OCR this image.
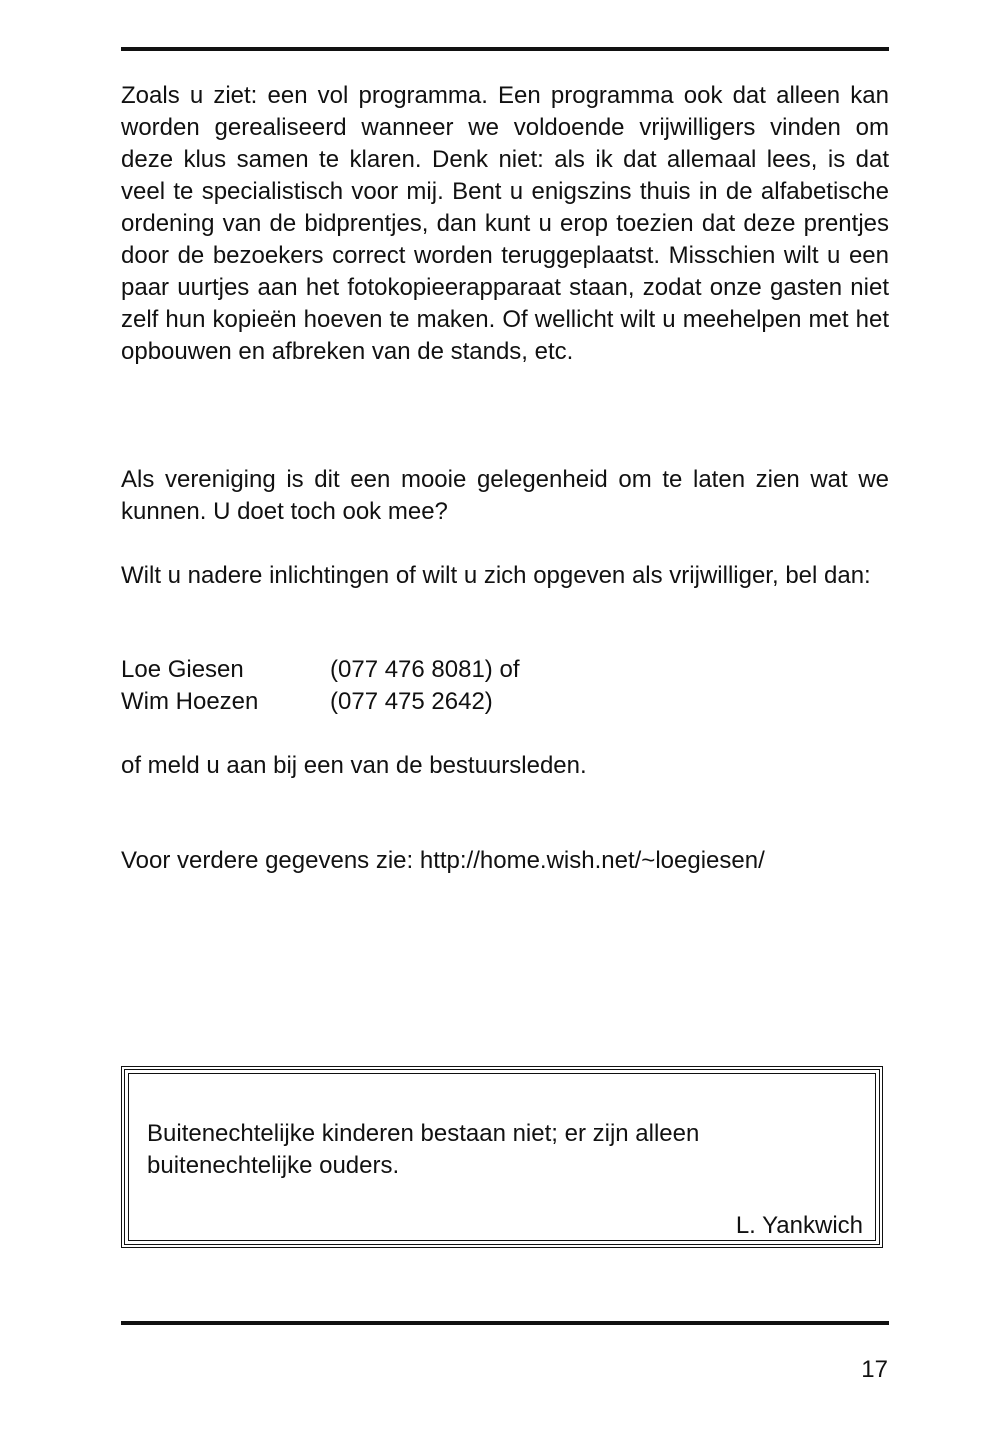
Zoals u ziet: een vol programma. Een programma ook dat alleen kan worden gerealiseerd wanneer we voldoende vrijwilligers vinden om deze klus samen te klaren. Denk niet: als ik dat allemaal lees, is dat veel te specialistisch voor mij. Bent u enigszins thuis in de alfabetische ordening van de bidprentjes, dan kunt u erop toezien dat deze prentjes door de bezoekers correct worden teruggeplaatst. Misschien wilt u een paar uurtjes aan het fotokopieerapparaat staan, zodat onze gasten niet zelf hun kopieën hoeven te maken. Of wellicht wilt u meehelpen met het opbouwen en afbreken van de stands, etc.

Als vereniging is dit een mooie gelegenheid om te laten zien wat we kunnen. U doet toch ook mee?

Wilt u nadere inlichtingen of wilt u zich opgeven als vrijwilliger, bel dan:

Loe Giesen	(077 476 8081) of
Wim Hoezen	(077 475 2642)

of meld u aan bij een van de bestuursleden.

Voor verdere gegevens zie: http://home.wish.net/~loegiesen/

Buitenechtelijke kinderen bestaan niet; er zijn alleen buitenechtelijke ouders.

L. Yankwich
17
